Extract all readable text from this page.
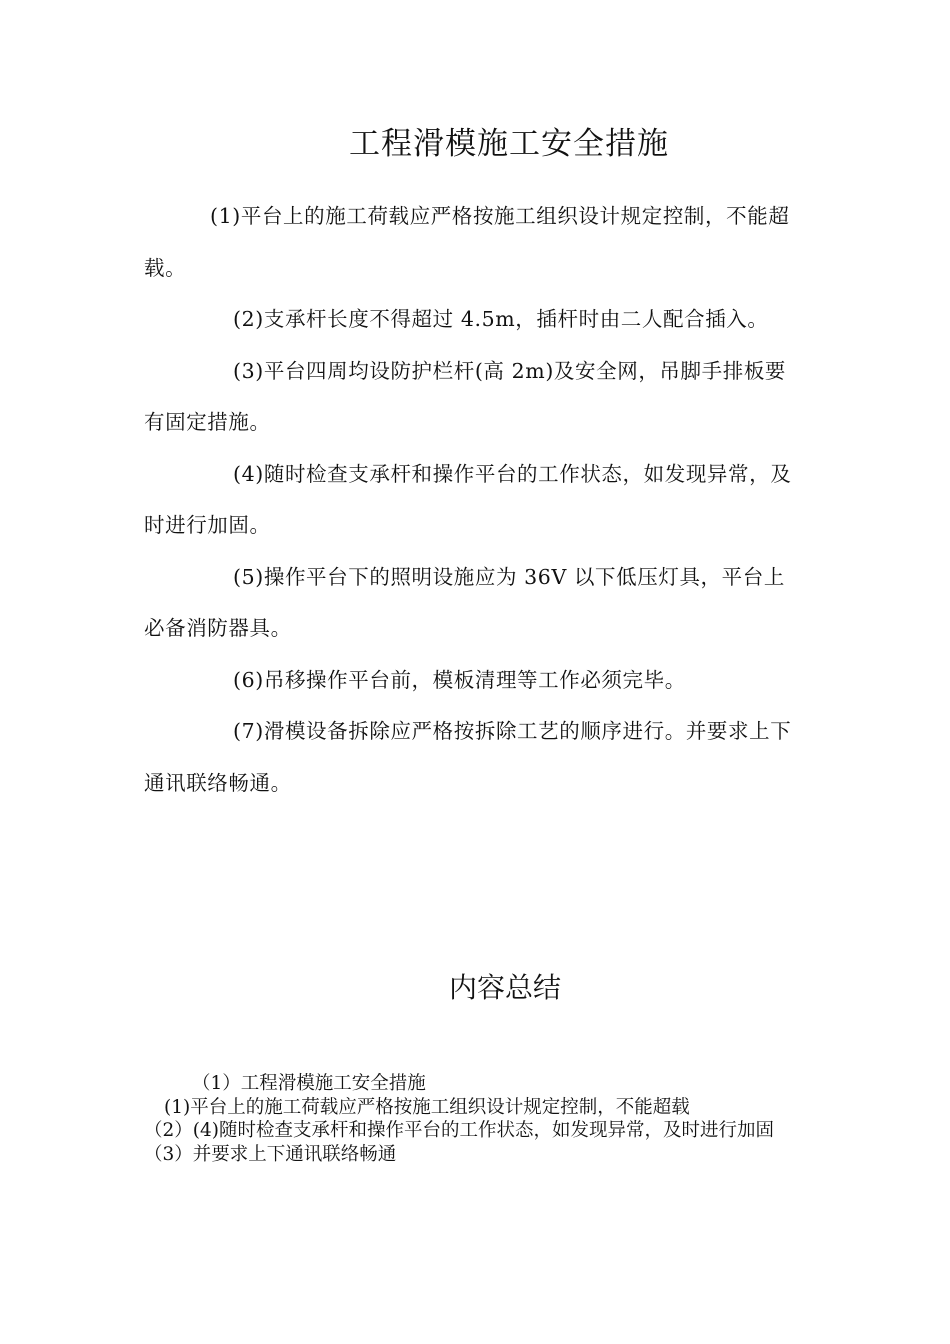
工程滑模施工安全措施

(1)平台上的施工荷载应严格按施工组织设计规定控制，不能超载。

(2)支承杆长度不得超过 4.5m，插杆时由二人配合插入。

(3)平台四周均设防护栏杆(高 2m)及安全网，吊脚手排板要有固定措施。

(4)随时检查支承杆和操作平台的工作状态，如发现异常，及时进行加固。

(5)操作平台下的照明设施应为 36V 以下低压灯具，平台上必备消防器具。

(6)吊移操作平台前，模板清理等工作必须完毕。

(7)滑模设备拆除应严格按拆除工艺的顺序进行。并要求上下通讯联络畅通。

内容总结
（1）工程滑模施工安全措施
(1)平台上的施工荷载应严格按施工组织设计规定控制，不能超载
（2）(4)随时检查支承杆和操作平台的工作状态，如发现异常，及时进行加固
（3）并要求上下通讯联络畅通
